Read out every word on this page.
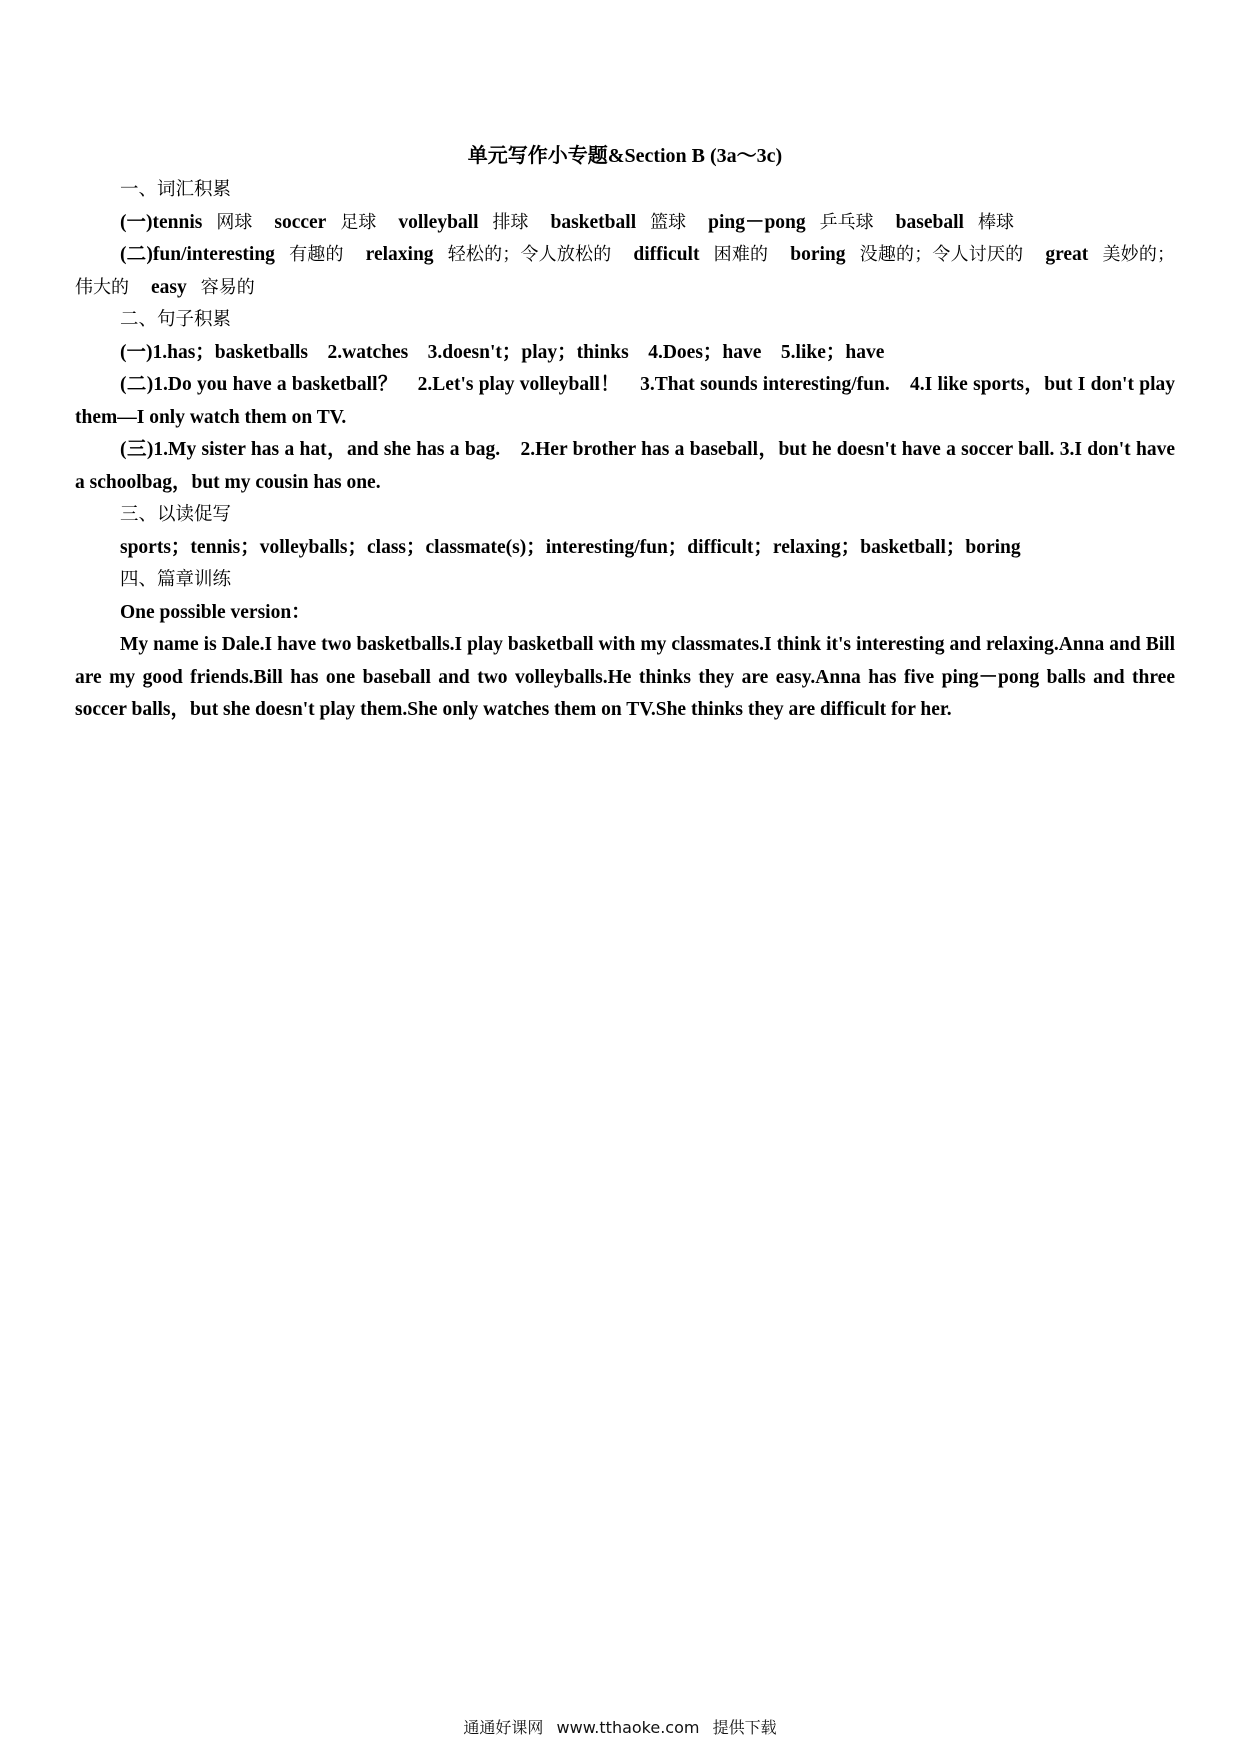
单元写作小专题&Section B (3a～3c)

一、词汇积累

(一)tennis 网球 soccer 足球 volleyball 排球 basketball 篮球 ping－pong 乒乓球 baseball 棒球

(二)fun/interesting 有趣的 relaxing 轻松的；令人放松的 difficult 困难的 boring 没趣的；令人讨厌的 great 美妙的；伟大的 easy 容易的

二、句子积累

(一)1.has；basketballs　2.watches　3.doesn't；play；thinks　4.Does；have　5.like；have

(二)1.Do you have a basketball？　2.Let's play volleyball！　3.That sounds interesting/fun.　4.I like sports，but I don't play them—I only watch them on TV.

(三)1.My sister has a hat，and she has a bag.　2.Her brother has a baseball，but he doesn't have a soccer ball. 3.I don't have a schoolbag，but my cousin has one.

三、以读促写

sports；tennis；volleyballs；class；classmate(s)；interesting/fun；difficult；relaxing；basketball；boring

四、篇章训练

One possible version：

My name is Dale.I have two basketballs.I play basketball with my classmates.I think it's interesting and relaxing.Anna and Bill are my good friends.Bill has one baseball and two volleyballs.He thinks they are easy.Anna has five ping－pong balls and three soccer balls，but she doesn't play them.She only watches them on TV.She thinks they are difficult for her.

通通好课网 www.tthaoke.com 提供下载
